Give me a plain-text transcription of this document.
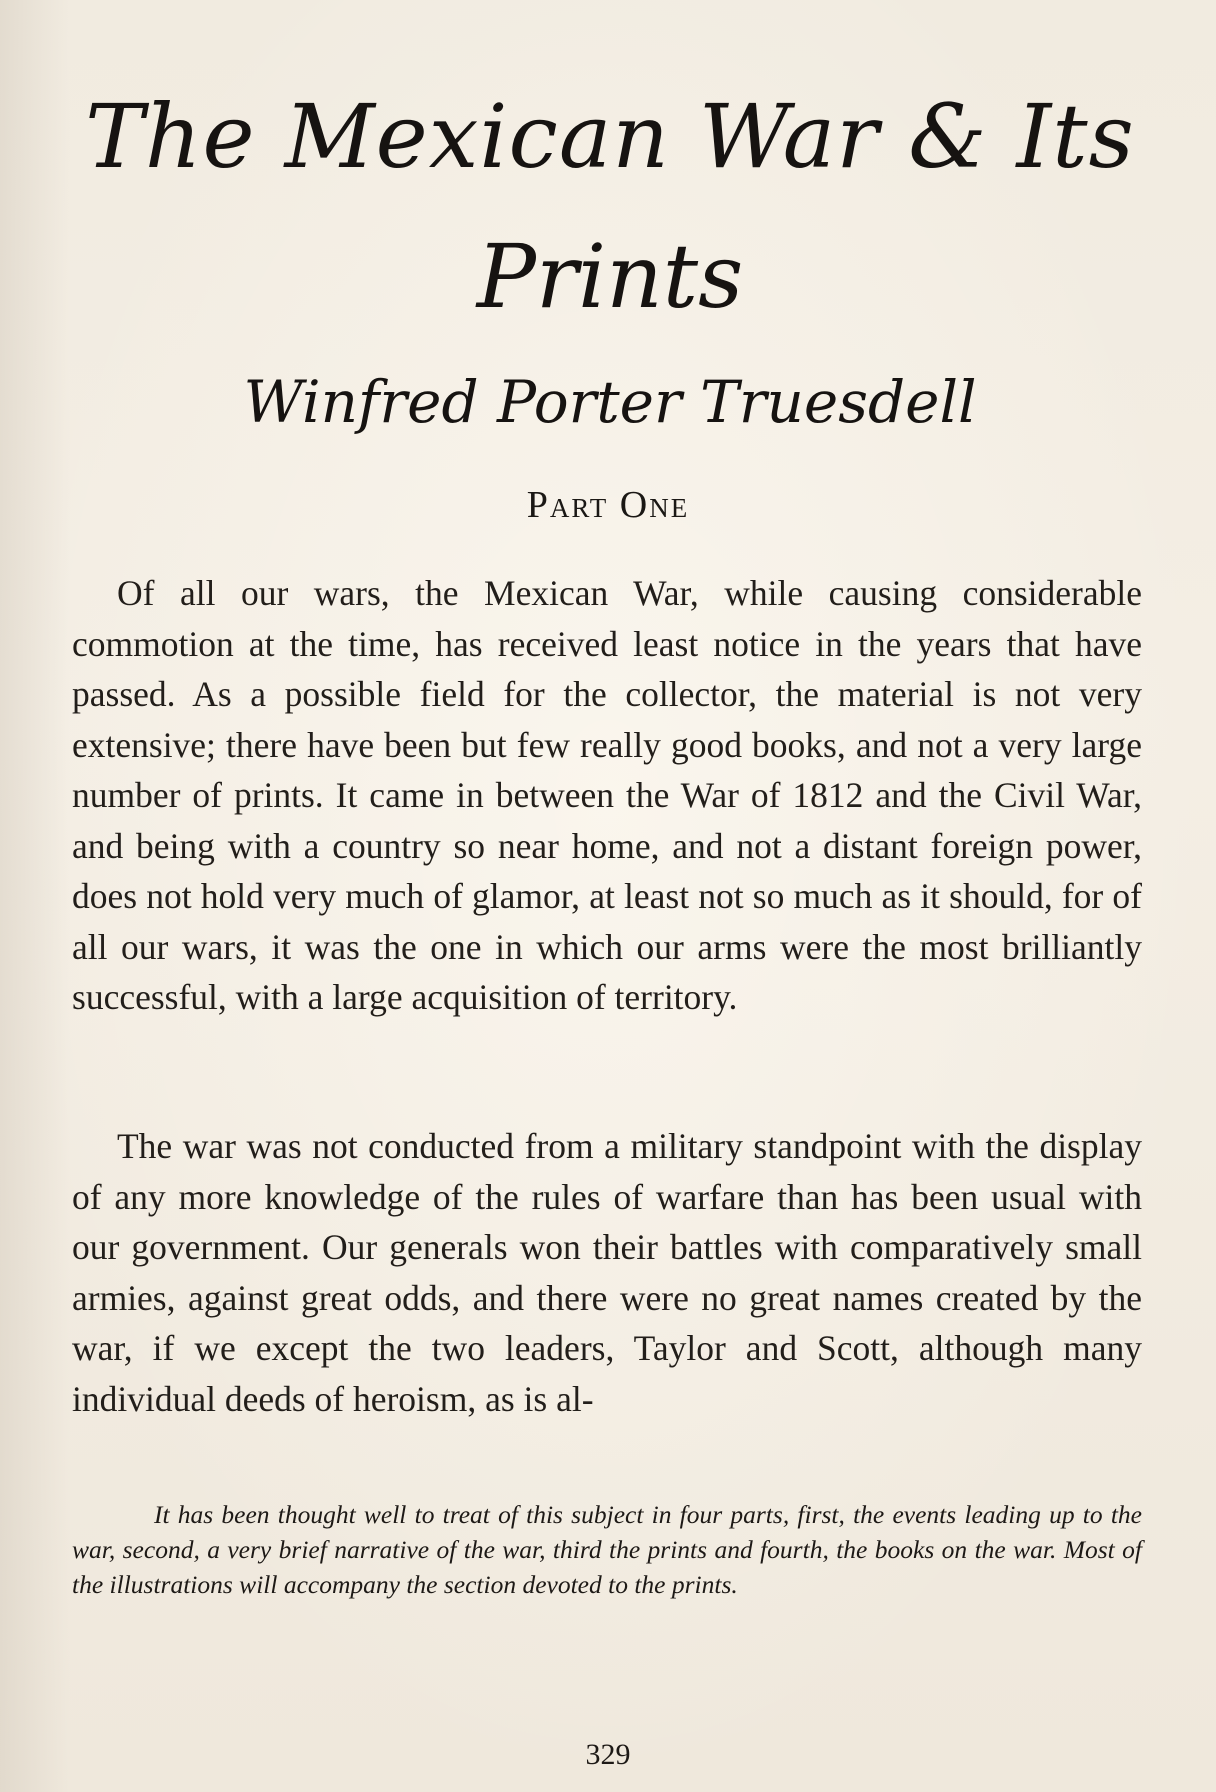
The Mexican War & Its
Prints
Winfred Porter Truesdell
Part One

Of all our wars, the Mexican War, while causing considerable commotion at the time, has received least notice in the years that have passed. As a possible field for the collector, the material is not very extensive; there have been but few really good books, and not a very large number of prints. It came in between the War of 1812 and the Civil War, and being with a country so near home, and not a distant foreign power, does not hold very much of glamor, at least not so much as it should, for of all our wars, it was the one in which our arms were the most brilliantly successful, with a large acquisition of territory.

The war was not conducted from a military standpoint with the display of any more knowledge of the rules of warfare than has been usual with our government. Our generals won their battles with comparatively small armies, against great odds, and there were no great names created by the war, if we except the two leaders, Taylor and Scott, although many individual deeds of heroism, as is al-

It has been thought well to treat of this subject in four parts, first, the events leading up to the war, second, a very brief narrative of the war, third the prints and fourth, the books on the war. Most of the illustrations will accompany the section devoted to the prints.

329
